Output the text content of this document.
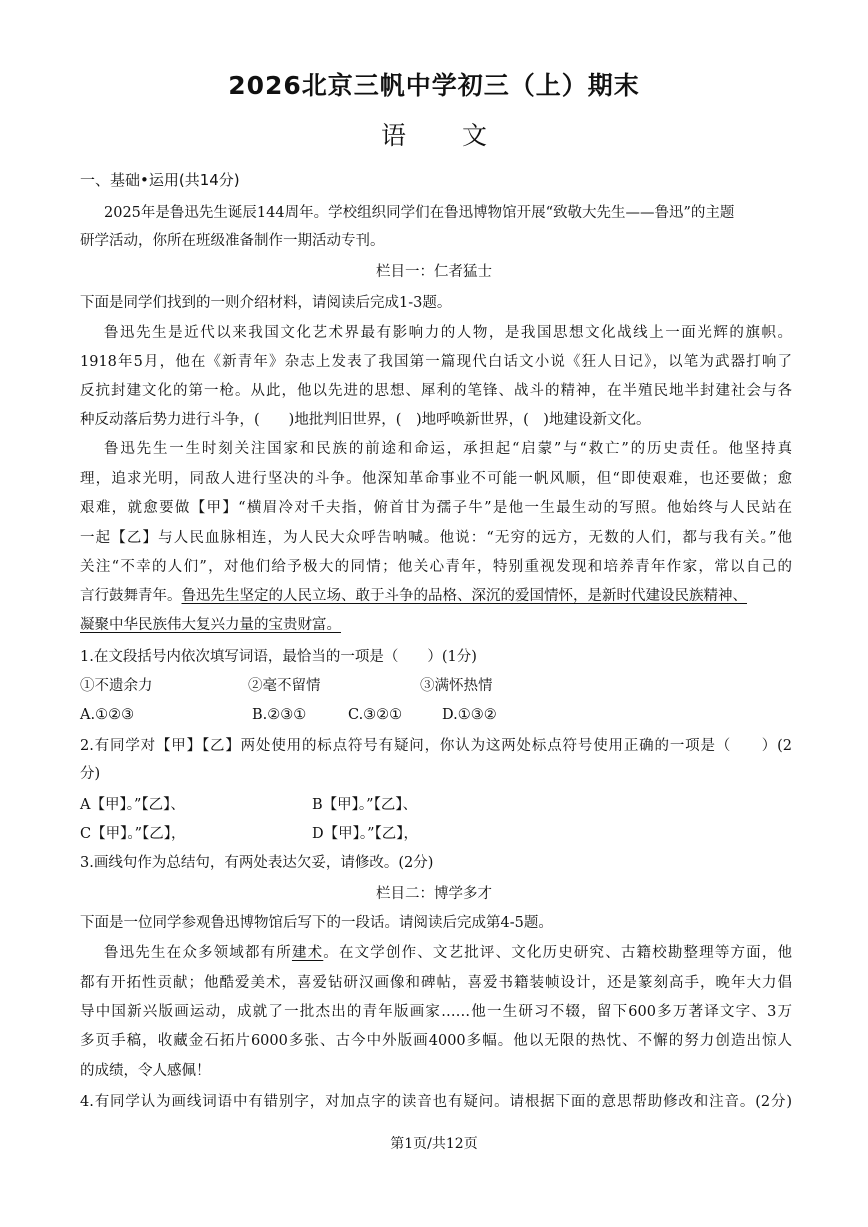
2026北京三帆中学初三（上）期末
语 文
一、基础•运用(共14分)
2025年是鲁迅先生诞辰144周年。学校组织同学们在鲁迅博物馆开展“致敬大先生——鲁迅”的主题
研学活动，你所在班级准备制作一期活动专刊。
栏目一：仁者猛士
下面是同学们找到的一则介绍材料，请阅读后完成1-3题。
鲁迅先生是近代以来我国文化艺术界最有影响力的人物，是我国思想文化战线上一面光辉的旗帜。
1918年5月，他在《新青年》杂志上发表了我国第一篇现代白话文小说《狂人日记》，以笔为武器打响了
反抗封建文化的第一枪。从此，他以先进的思想、犀利的笔锋、战斗的精神，在半殖民地半封建社会与各
种反动落后势力进行斗争，(　　)地批判旧世界，(　)地呼唤新世界，(　)地建设新文化。
鲁迅先生一生时刻关注国家和民族的前途和命运，承担起“启蒙”与“救亡”的历史责任。他坚持真
理，追求光明，同敌人进行坚决的斗争。他深知革命事业不可能一帆风顺，但“即使艰难，也还要做；愈
艰难，就愈要做【甲】“横眉冷对千夫指，俯首甘为孺子牛”是他一生最生动的写照。他始终与人民站在
一起【乙】与人民血脉相连，为人民大众呼告呐喊。他说：“无穷的远方，无数的人们，都与我有关。”他
关注“不幸的人们”，对他们给予极大的同情；他关心青年，特别重视发现和培养青年作家，常以自己的
言行鼓舞青年。鲁迅先生坚定的人民立场、敢于斗争的品格、深沉的爱国情怀，是新时代建设民族精神、
凝聚中华民族伟大复兴力量的宝贵财富。
1.在文段括号内依次填写词语，最恰当的一项是（　　）(1分)
①不遗余力	②毫不留情	③满怀热情
A.①②③	B.②③①	C.③②①	D.①③②
2.有同学对【甲】【乙】两处使用的标点符号有疑问，你认为这两处标点符号使用正确的一项是（　　）(2
分)
A【甲】。”【乙】、	B【甲】。”【乙】、
C【甲】。”【乙】，	D【甲】。”【乙】，
3.画线句作为总结句，有两处表达欠妥，请修改。(2分)
栏目二：博学多才
下面是一位同学参观鲁迅博物馆后写下的一段话。请阅读后完成第4-5题。
鲁迅先生在众多领域都有所建术。在文学创作、文艺批评、文化历史研究、古籍校勘整理等方面，他
都有开拓性贡献；他酷爱美术，喜爱钻研汉画像和碑帖，喜爱书籍装帧设计，还是篆刻高手，晚年大力倡
导中国新兴版画运动，成就了一批杰出的青年版画家……他一生研习不辍，留下600多万著译文字、3万
多页手稿，收藏金石拓片6000多张、古今中外版画4000多幅。他以无限的热忱、不懈的努力创造出惊人
的成绩，令人感佩！
4.有同学认为画线词语中有错别字，对加点字的读音也有疑问。请根据下面的意思帮助修改和注音。(2分)
第1页/共12页
